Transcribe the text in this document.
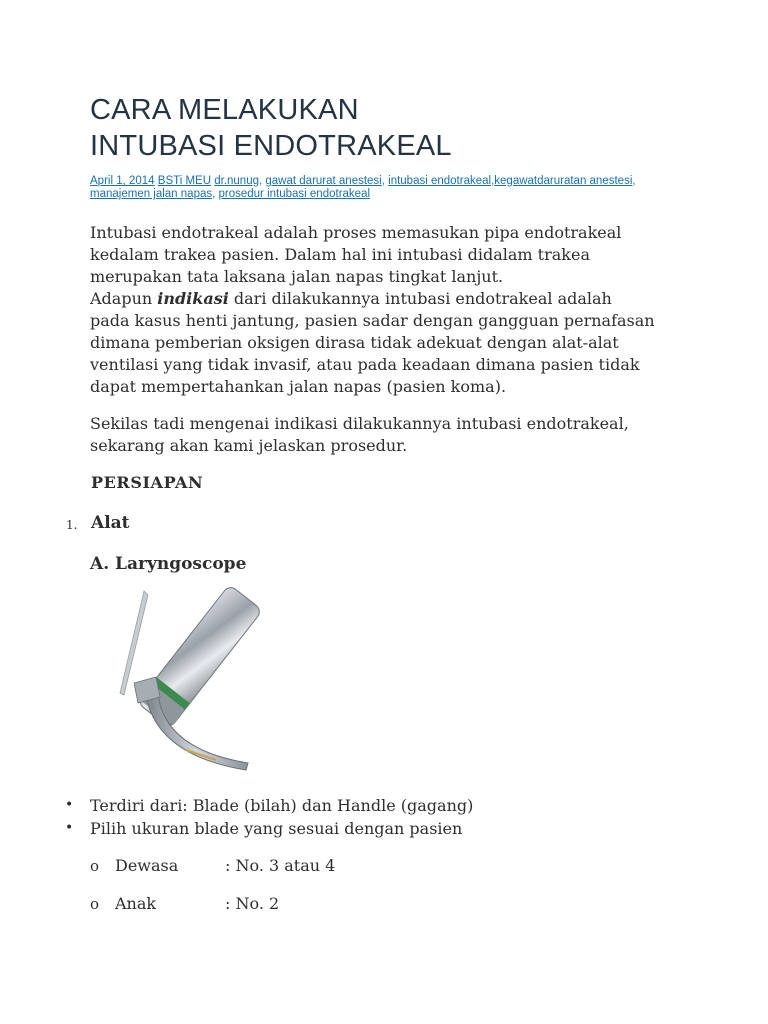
CARA MELAKUKAN
INTUBASI ENDOTRAKEAL
April 1, 2014 BSTi MEU dr.nunug, gawat darurat anestesi, intubasi endotrakeal,kegawatdaruratan anestesi, manajemen jalan napas, prosedur intubasi endotrakeal

Intubasi endotrakeal adalah proses memasukan pipa endotrakeal
kedalam trakea pasien. Dalam hal ini intubasi didalam trakea
merupakan tata laksana jalan napas tingkat lanjut.
Adapun indikasi dari dilakukannya intubasi endotrakeal adalah
pada kasus henti jantung, pasien sadar dengan gangguan pernafasan
dimana pemberian oksigen dirasa tidak adekuat dengan alat-alat
ventilasi yang tidak invasif, atau pada keadaan dimana pasien tidak
dapat mempertahankan jalan napas (pasien koma).

Sekilas tadi mengenai indikasi dilakukannya intubasi endotrakeal,
sekarang akan kami jelaskan prosedur.

PERSIAPAN
1. Alat
A. Laryngoscope
• Terdiri dari: Blade (bilah) dan Handle (gagang)
• Pilih ukuran blade yang sesuai dengan pasien
o Dewasa	: No. 3 atau 4
o Anak	: No. 2
